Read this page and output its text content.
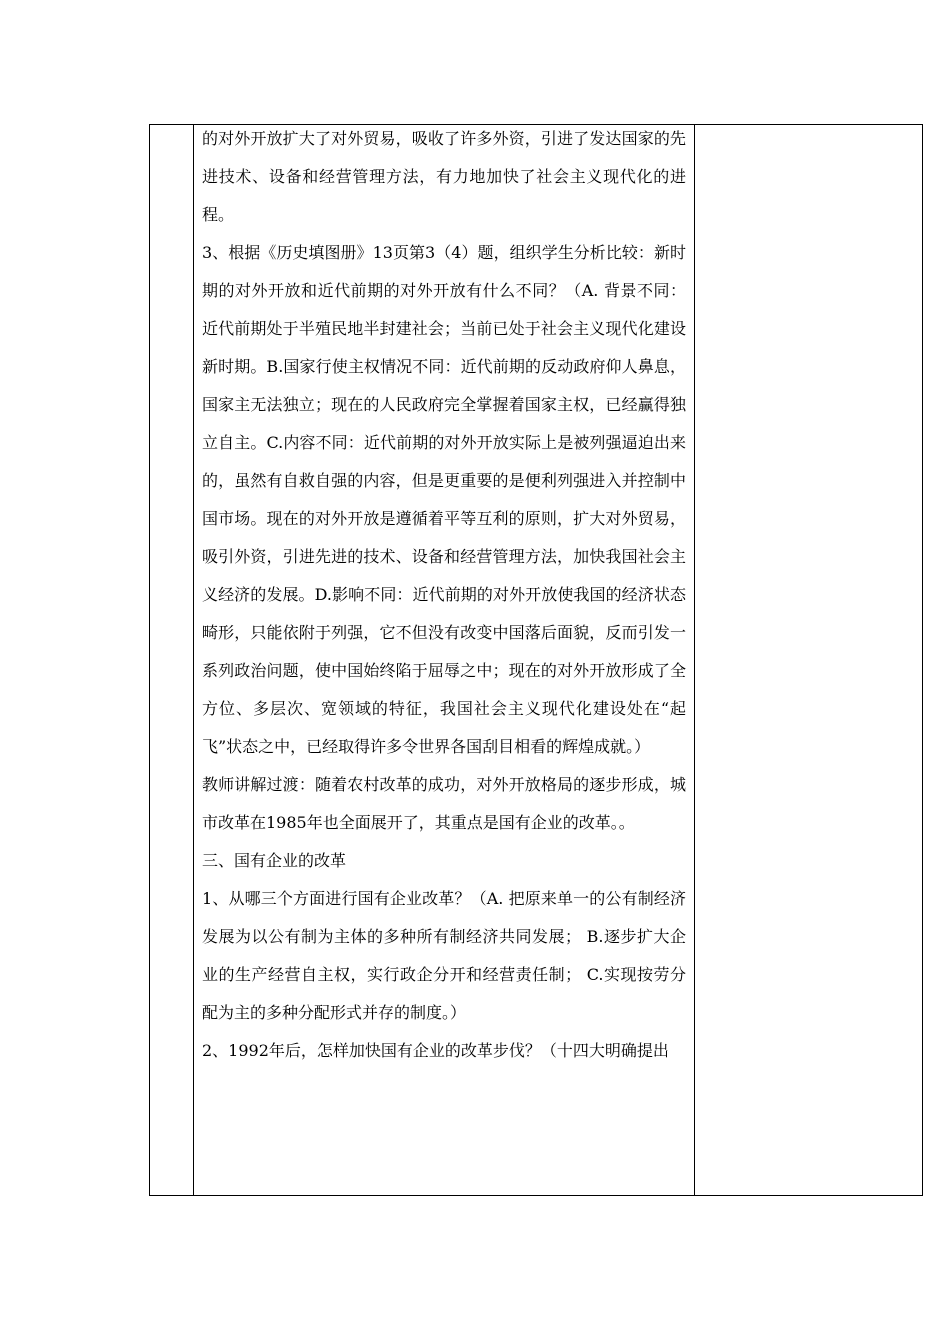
的对外开放扩大了对外贸易，吸收了许多外资，引进了发达国家的先进技术、设备和经营管理方法，有力地加快了社会主义现代化的进程。

3、根据《历史填图册》13页第3（4）题，组织学生分析比较：新时期的对外开放和近代前期的对外开放有什么不同？（A. 背景不同：近代前期处于半殖民地半封建社会；当前已处于社会主义现代化建设新时期。B.国家行使主权情况不同：近代前期的反动政府仰人鼻息，国家主无法独立；现在的人民政府完全掌握着国家主权，已经赢得独立自主。C.内容不同：近代前期的对外开放实际上是被列强逼迫出来的，虽然有自救自强的内容，但是更重要的是便利列强进入并控制中国市场。现在的对外开放是遵循着平等互利的原则，扩大对外贸易，吸引外资，引进先进的技术、设备和经营管理方法，加快我国社会主义经济的发展。D.影响不同：近代前期的对外开放使我国的经济状态畸形，只能依附于列强，它不但没有改变中国落后面貌，反而引发一系列政治问题，使中国始终陷于屈辱之中；现在的对外开放形成了全方位、多层次、宽领域的特征，我国社会主义现代化建设处在“起飞”状态之中，已经取得许多令世界各国刮目相看的辉煌成就。）

教师讲解过渡：随着农村改革的成功，对外开放格局的逐步形成，城市改革在1985年也全面展开了，其重点是国有企业的改革。。

三、国有企业的改革

1、从哪三个方面进行国有企业改革？（A. 把原来单一的公有制经济发展为以公有制为主体的多种所有制经济共同发展； B.逐步扩大企业的生产经营自主权，实行政企分开和经营责任制； C.实现按劳分配为主的多种分配形式并存的制度。）

2、1992年后，怎样加快国有企业的改革步伐？（十四大明确提出
